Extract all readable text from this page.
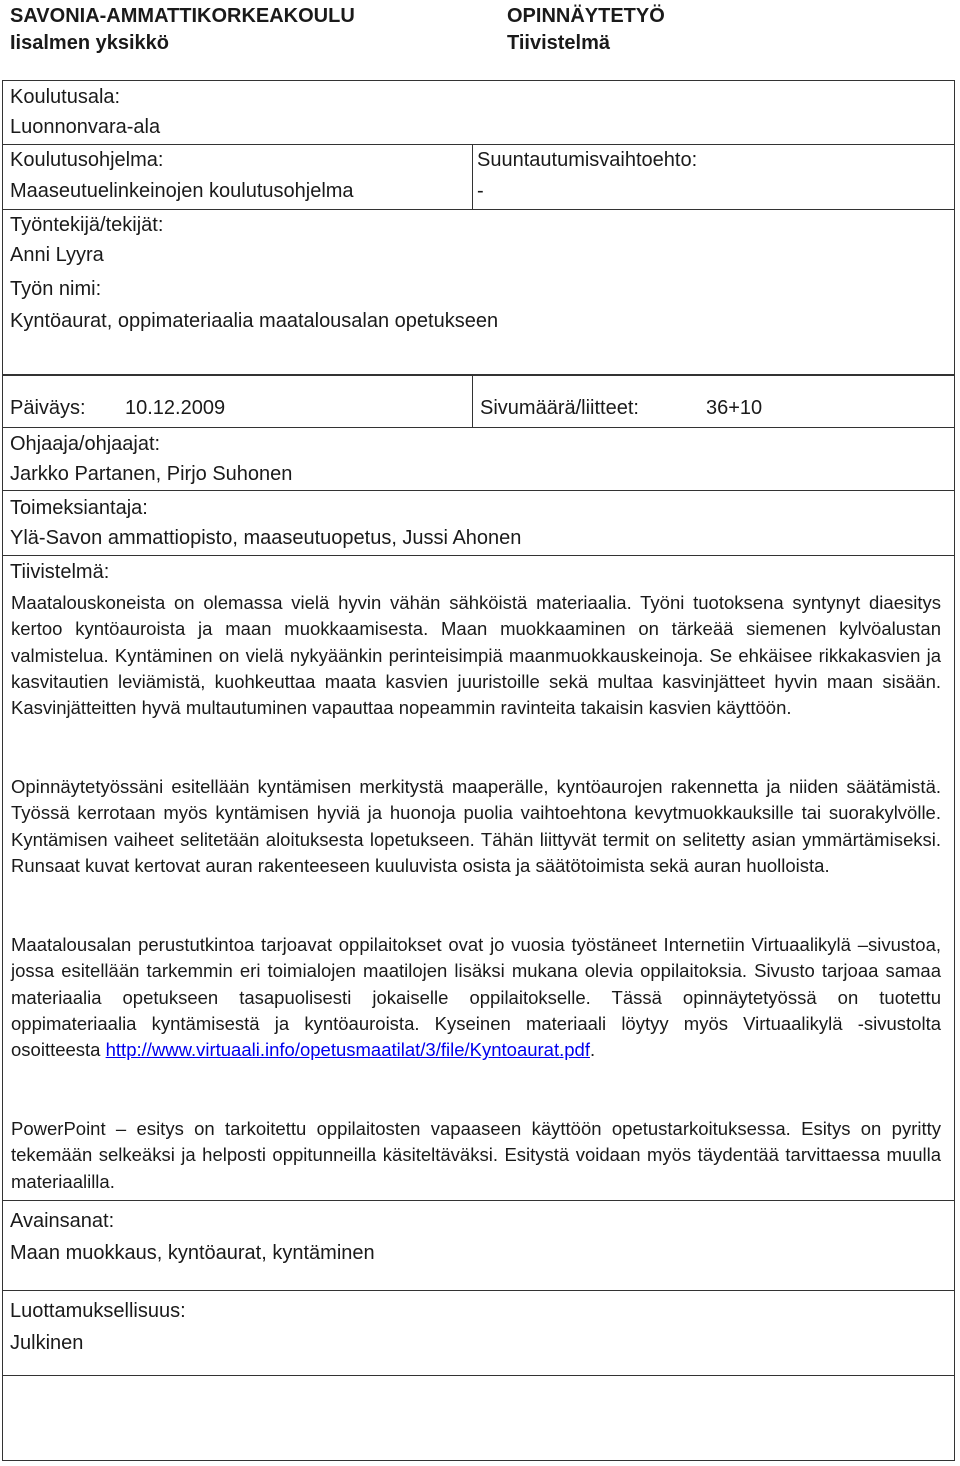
SAVONIA-AMMATTIKORKEAKOULU
Iisalmen yksikkö
OPINNÄYTETYÖ
Tiivistelmä
Koulutusala:
Luonnonvara-ala
Koulutusohjelma:
Maaseutuelinkeinojen koulutusohjelma
Suuntautumisvaihtoehto:
-
Työntekijä/tekijät:
Anni Lyyra
Työn nimi:
Kyntöaurat, oppimateriaalia maatalousalan opetukseen
Päiväys: 10.12.2009	Sivumäärä/liitteet:	36+10
Ohjaaja/ohjaajat:
Jarkko Partanen, Pirjo Suhonen
Toimeksiantaja:
Ylä-Savon ammattiopisto, maaseutuopetus, Jussi Ahonen
Tiivistelmä:
Maatalouskoneista on olemassa vielä hyvin vähän sähköistä materiaalia. Työni tuotoksena syntynyt diaesitys kertoo kyntöauroista ja maan muokkaamisesta. Maan muokkaaminen on tärkeää siemenen kylvöalustan valmistelua. Kyntäminen on vielä nykyäänkin perinteisimpiä maanmuokkauskeinoja. Se ehkäisee rikkakasvien ja kasvitautien leviämistä, kuohkeuttaa maata kasvien juuristoille sekä multaa kasvinjätteet hyvin maan sisään. Kasvinjätteitten hyvä multautuminen vapauttaa nopeammin ravinteita takaisin kasvien käyttöön.
Opinnäytetyössäni esitellään kyntämisen merkitystä maaperälle, kyntöaurojen rakennetta ja niiden säätämistä. Työssä kerrotaan myös kyntämisen hyviä ja huonoja puolia vaihtoehtona kevytmuokkauksille tai suorakylvölle. Kyntämisen vaiheet selitetään aloituksesta lopetukseen. Tähän liittyvät termit on selitetty asian ymmärtämiseksi. Runsaat kuvat kertovat auran rakenteeseen kuuluvista osista ja säätötoimista sekä auran huolloista.
Maatalousalan perustutkintoa tarjoavat oppilaitokset ovat jo vuosia työstäneet Internetiin Virtuaalikylä –sivustoa, jossa esitellään tarkemmin eri toimialojen maatilojen lisäksi mukana olevia oppilaitoksia. Sivusto tarjoaa samaa materiaalia opetukseen tasapuolisesti jokaiselle oppilaitokselle. Tässä opinnäytetyössä on tuotettu oppimateriaalia kyntämisestä ja kyntöauroista. Kyseinen materiaali löytyy myös Virtuaalikylä -sivustolta osoitteesta http://www.virtuaali.info/opetusmaatilat/3/file/Kyntoaurat.pdf.
PowerPoint – esitys on tarkoitettu oppilaitosten vapaaseen käyttöön opetustarkoituksessa. Esitys on pyritty tekemään selkeäksi ja helposti oppitunneilla käsiteltäväksi. Esitystä voidaan myös täydentää tarvittaessa muulla materiaalilla.
Avainsanat:
Maan muokkaus, kyntöaurat, kyntäminen
Luottamuksellisuus:
Julkinen
